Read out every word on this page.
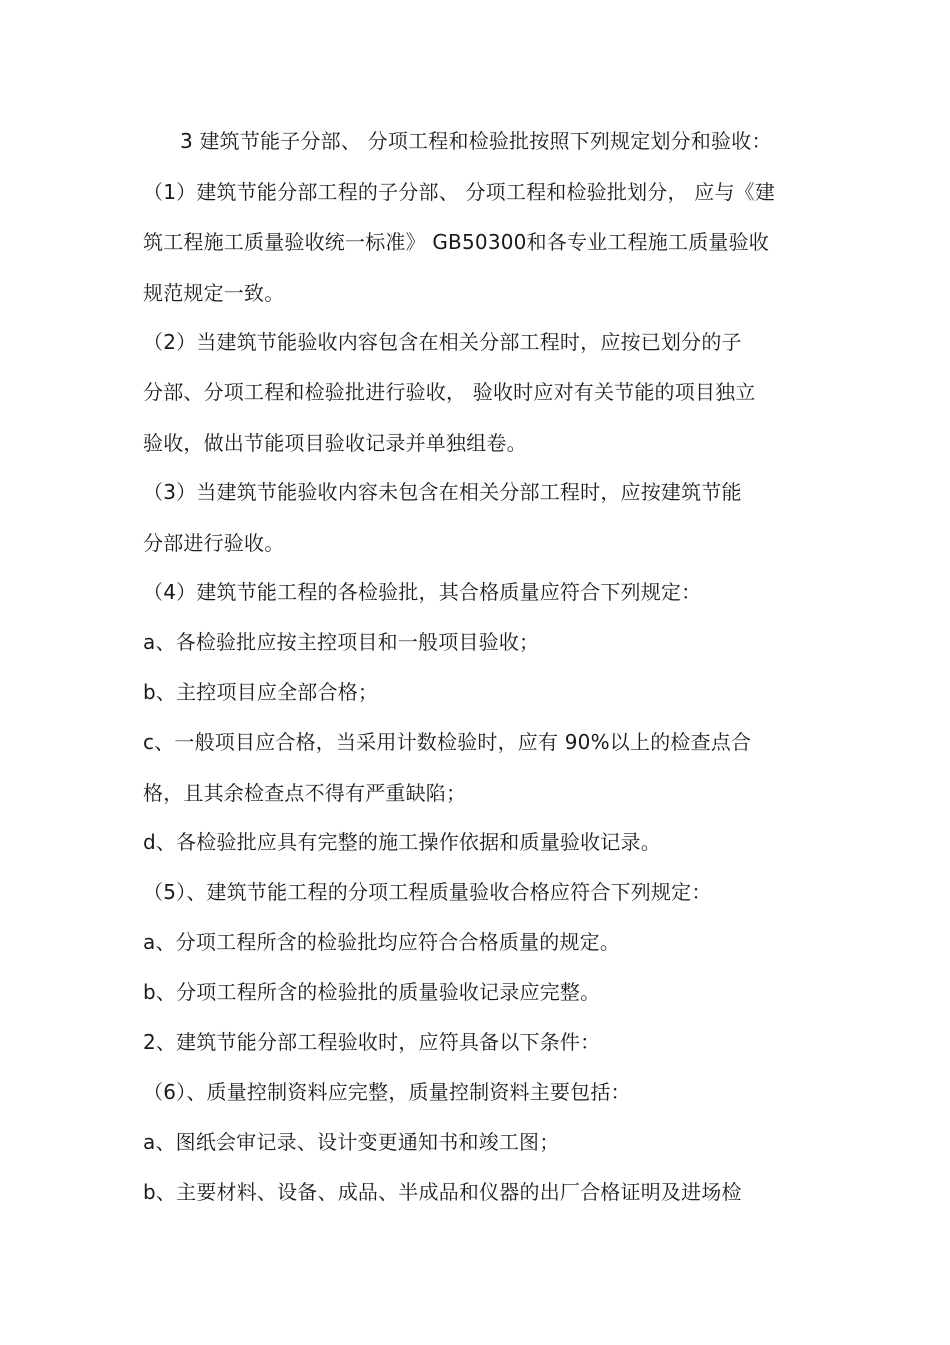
3 建筑节能子分部、 分项工程和检验批按照下列规定划分和验收：
（1）建筑节能分部工程的子分部、 分项工程和检验批划分， 应与《建
筑工程施工质量验收统一标准》 GB50300和各专业工程施工质量验收
规范规定一致。
（2）当建筑节能验收内容包含在相关分部工程时，应按已划分的子
分部、分项工程和检验批进行验收， 验收时应对有关节能的项目独立
验收，做出节能项目验收记录并单独组卷。
（3）当建筑节能验收内容未包含在相关分部工程时，应按建筑节能
分部进行验收。
（4）建筑节能工程的各检验批，其合格质量应符合下列规定：
a、各检验批应按主控项目和一般项目验收；
b、主控项目应全部合格；
c、一般项目应合格，当采用计数检验时，应有 90%以上的检查点合
格，且其余检查点不得有严重缺陷；
d、各检验批应具有完整的施工操作依据和质量验收记录。
（5）、建筑节能工程的分项工程质量验收合格应符合下列规定：
a、分项工程所含的检验批均应符合合格质量的规定。
b、分项工程所含的检验批的质量验收记录应完整。
2、建筑节能分部工程验收时，应符具备以下条件：
（6）、质量控制资料应完整，质量控制资料主要包括：
a、图纸会审记录、设计变更通知书和竣工图；
b、主要材料、设备、成品、半成品和仪器的出厂合格证明及进场检
